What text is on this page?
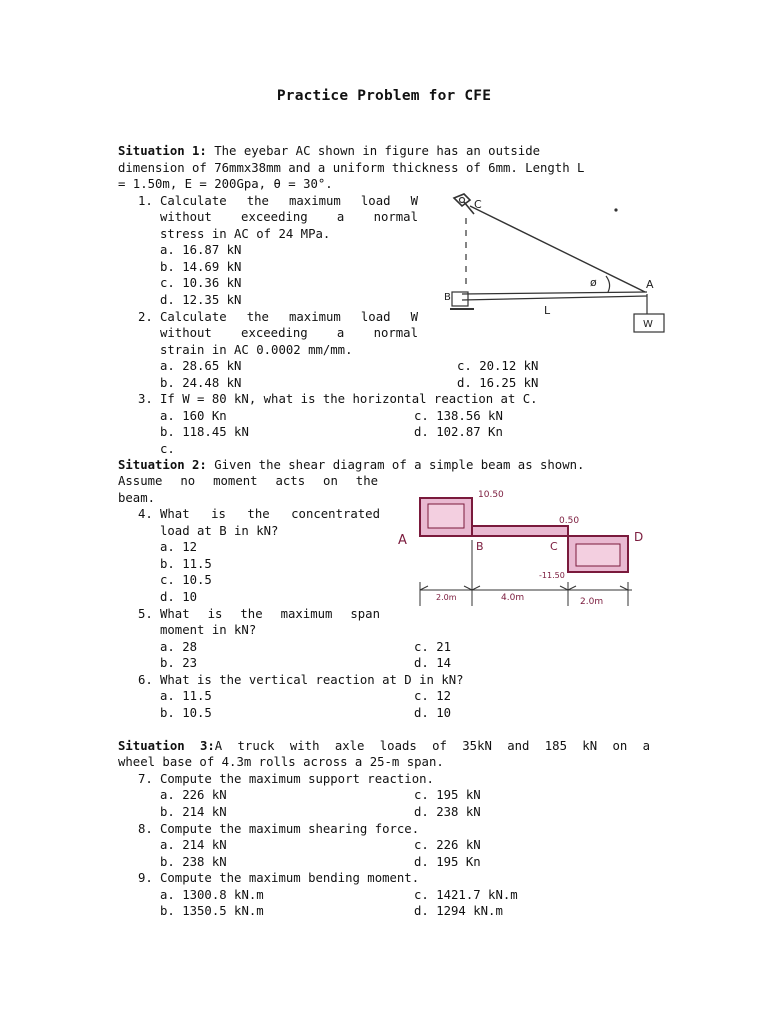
Practice Problem for CFE
Situation 1: The eyebar AC shown in figure has an outside
dimension of 76mmx38mm and a uniform thickness of 6mm. Length L
= 1.50m, E = 200Gpa, θ = 30°.
1. Calculate the maximum load W
without exceeding a normal
stress in AC of 24 MPa.
a. 16.87 kN
b. 14.69 kN
c. 10.36 kN
d. 12.35 kN
2. Calculate the maximum load W
without exceeding a normal
strain in AC 0.0002 mm/mm.
a. 28.65 kN	c. 20.12 kN
b. 24.48 kN	d. 16.25 kN
3. If W = 80 kN, what is the horizontal reaction at C.
a. 160 Kn	c. 138.56 kN
b. 118.45 kN	d. 102.87 Kn
c.
C
B
A
L
ø
W
Situation 2: Given the shear diagram of a simple beam as shown.
Assume no moment acts on the
beam.
4. What is the concentrated
load at B in kN?
a. 12
b. 11.5
c. 10.5
d. 10
5. What is the maximum span
moment in kN?
a. 28	c. 21
b. 23	d. 14
6. What is the vertical reaction at D in kN?
a. 11.5	c. 12
b. 10.5	d. 10
10.50
0.50
-11.50
A	B	C
D
2.0m	4.0m	2.0m
Situation 3:A truck with axle loads of 35kN and 185 kN on a
wheel base of 4.3m rolls across a 25-m span.
7. Compute the maximum support reaction.
a. 226 kN	c. 195 kN
b. 214 kN	d. 238 kN
8. Compute the maximum shearing force.
a. 214 kN	c. 226 kN
b. 238 kN	d. 195 Kn
9. Compute the maximum bending moment.
a. 1300.8 kN.m	c. 1421.7 kN.m
b. 1350.5 kN.m	d. 1294 kN.m
